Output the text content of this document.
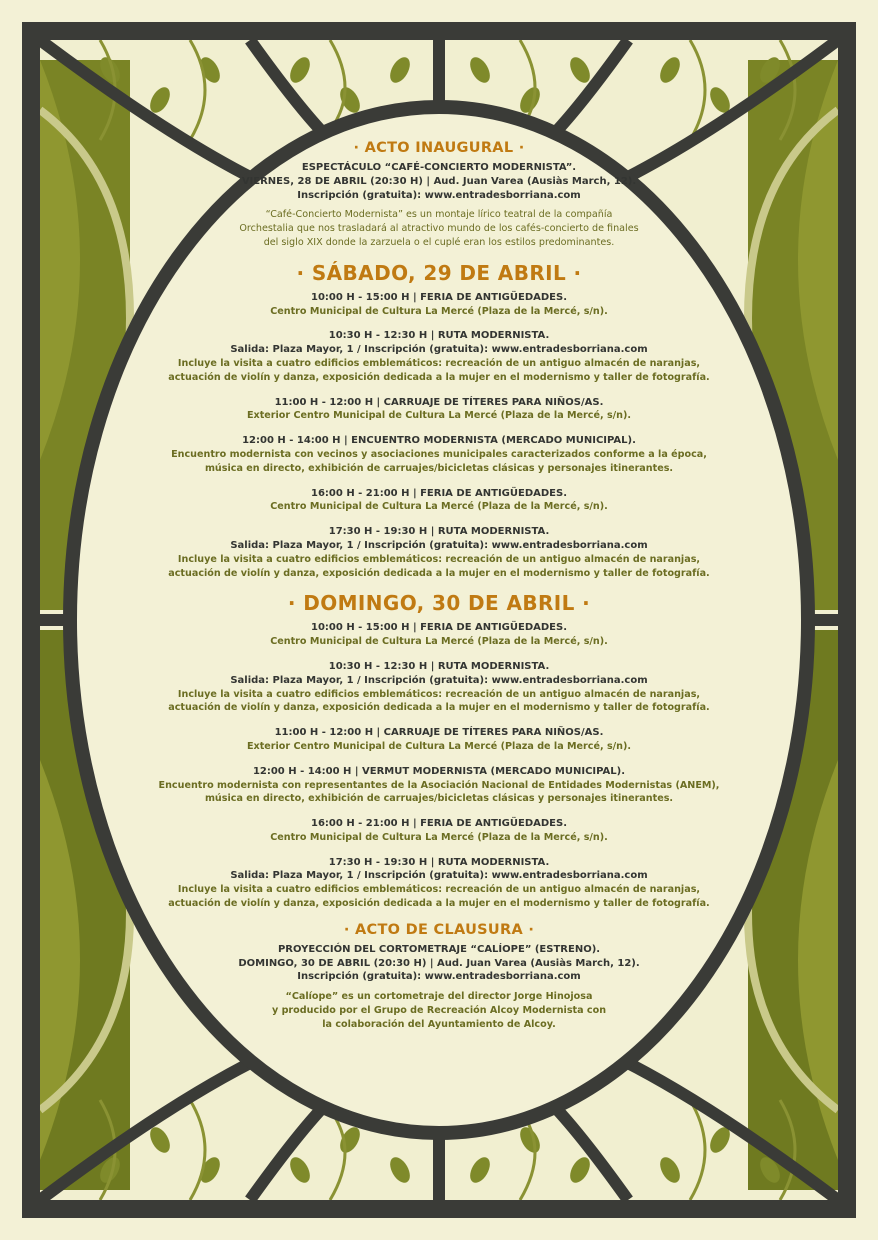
· ACTO INAUGURAL ·

ESPECTÁCULO “CAFÉ-CONCIERTO MODERNISTA”.

VIERNES, 28 DE ABRIL (20:30 H) | Aud. Juan Varea (Ausiàs March, 12).

Inscripción (gratuita): www.entradesborriana.com

“Café-Concierto Modernista” es un montaje lírico teatral de la compañía

Orchestalia que nos trasladará al atractivo mundo de los cafés-concierto de finales

del siglo XIX donde la zarzuela o el cuplé eran los estilos predominantes.

· SÁBADO, 29 DE ABRIL ·

10:00 H - 15:00 H | FERIA DE ANTIGÜEDADES.

Centro Municipal de Cultura La Mercé (Plaza de la Mercé, s/n).

10:30 H - 12:30 H | RUTA MODERNISTA.

Salida: Plaza Mayor, 1 / Inscripción (gratuita): www.entradesborriana.com

Incluye la visita a cuatro edificios emblemáticos: recreación de un antiguo almacén de naranjas,

actuación de violín y danza, exposición dedicada a la mujer en el modernismo y taller de fotografía.

11:00 H - 12:00 H | CARRUAJE DE TÍTERES PARA NIÑOS/AS.

Exterior Centro Municipal de Cultura La Mercé (Plaza de la Mercé, s/n).

12:00 H - 14:00 H | ENCUENTRO MODERNISTA (MERCADO MUNICIPAL).

Encuentro modernista con vecinos y asociaciones municipales caracterizados conforme a la época,

música en directo, exhibición de carruajes/bicicletas clásicas y personajes itinerantes.

16:00 H - 21:00 H | FERIA DE ANTIGÜEDADES.

Centro Municipal de Cultura La Mercé (Plaza de la Mercé, s/n).

17:30 H - 19:30 H | RUTA MODERNISTA.

Salida: Plaza Mayor, 1 / Inscripción (gratuita): www.entradesborriana.com

Incluye la visita a cuatro edificios emblemáticos: recreación de un antiguo almacén de naranjas,

actuación de violín y danza, exposición dedicada a la mujer en el modernismo y taller de fotografía.

· DOMINGO, 30 DE ABRIL ·

10:00 H - 15:00 H | FERIA DE ANTIGÜEDADES.

Centro Municipal de Cultura La Mercé (Plaza de la Mercé, s/n).

10:30 H - 12:30 H | RUTA MODERNISTA.

Salida: Plaza Mayor, 1 / Inscripción (gratuita): www.entradesborriana.com

Incluye la visita a cuatro edificios emblemáticos: recreación de un antiguo almacén de naranjas,

actuación de violín y danza, exposición dedicada a la mujer en el modernismo y taller de fotografía.

11:00 H - 12:00 H | CARRUAJE DE TÍTERES PARA NIÑOS/AS.

Exterior Centro Municipal de Cultura La Mercé (Plaza de la Mercé, s/n).

12:00 H - 14:00 H | VERMUT MODERNISTA (MERCADO MUNICIPAL).

Encuentro modernista con representantes de la Asociación Nacional de Entidades Modernistas (ANEM),

música en directo, exhibición de carruajes/bicicletas clásicas y personajes itinerantes.

16:00 H - 21:00 H | FERIA DE ANTIGÜEDADES.

Centro Municipal de Cultura La Mercé (Plaza de la Mercé, s/n).

17:30 H - 19:30 H | RUTA MODERNISTA.

Salida: Plaza Mayor, 1 / Inscripción (gratuita): www.entradesborriana.com

Incluye la visita a cuatro edificios emblemáticos: recreación de un antiguo almacén de naranjas,

actuación de violín y danza, exposición dedicada a la mujer en el modernismo y taller de fotografía.

· ACTO DE CLAUSURA ·

PROYECCIÓN DEL CORTOMETRAJE “CALÍOPE” (ESTRENO).

DOMINGO, 30 DE ABRIL (20:30 H) | Aud. Juan Varea (Ausiàs March, 12).

Inscripción (gratuita): www.entradesborriana.com

“Calíope” es un cortometraje del director Jorge Hinojosa

y producido por el Grupo de Recreación Alcoy Modernista con

la colaboración del Ayuntamiento de Alcoy.
